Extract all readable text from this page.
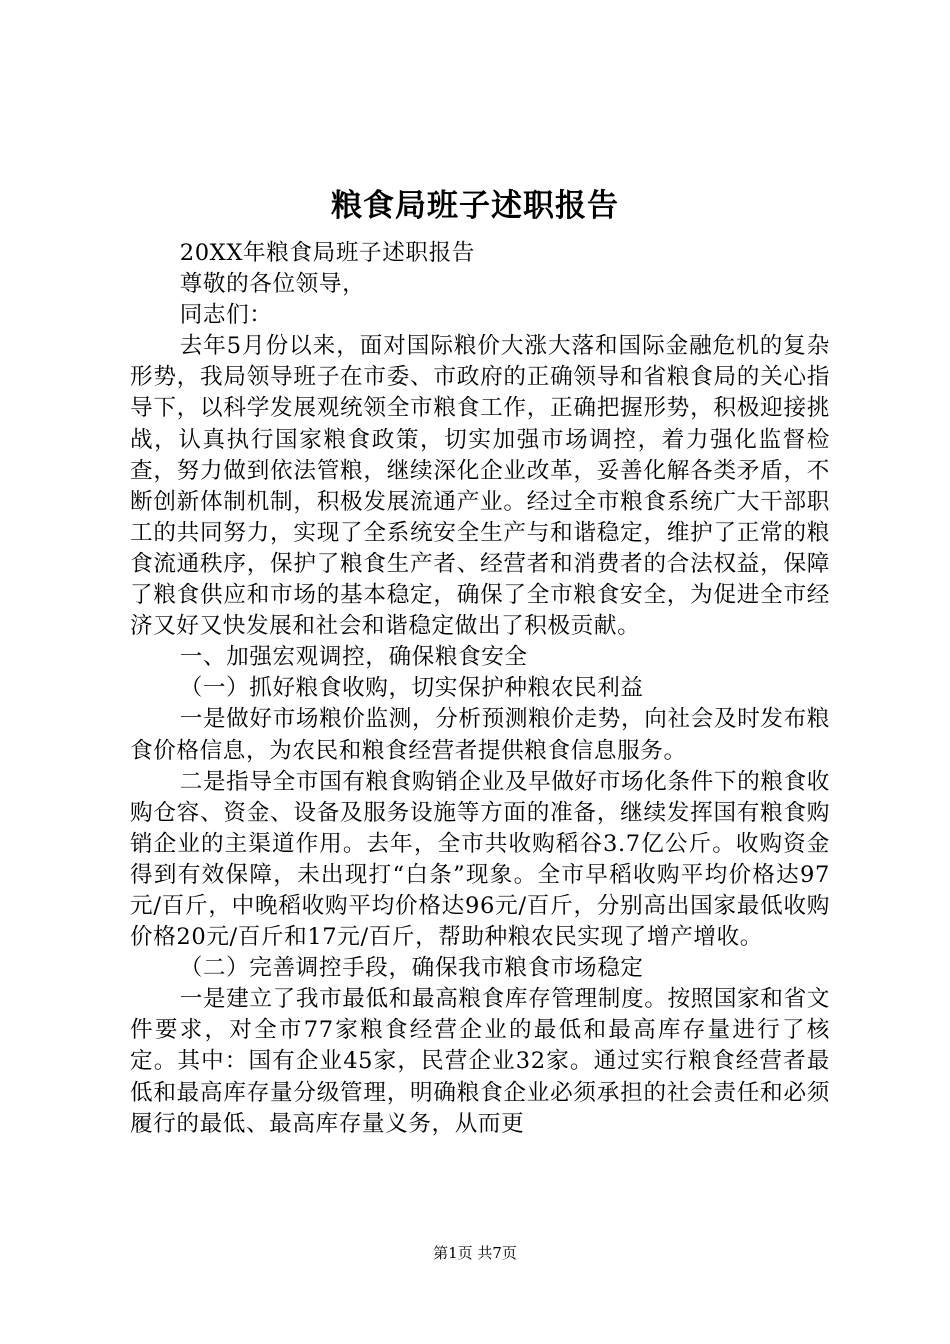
粮食局班子述职报告

20XX年粮食局班子述职报告

尊敬的各位领导，

同志们：

去年5月份以来，面对国际粮价大涨大落和国际金融危机的复杂形势，我局领导班子在市委、市政府的正确领导和省粮食局的关心指导下，以科学发展观统领全市粮食工作，正确把握形势，积极迎接挑战，认真执行国家粮食政策，切实加强市场调控，着力强化监督检查，努力做到依法管粮，继续深化企业改革，妥善化解各类矛盾，不断创新体制机制，积极发展流通产业。经过全市粮食系统广大干部职工的共同努力，实现了全系统安全生产与和谐稳定，维护了正常的粮食流通秩序，保护了粮食生产者、经营者和消费者的合法权益，保障了粮食供应和市场的基本稳定，确保了全市粮食安全，为促进全市经济又好又快发展和社会和谐稳定做出了积极贡献。

一、加强宏观调控，确保粮食安全

（一）抓好粮食收购，切实保护种粮农民利益

一是做好市场粮价监测，分析预测粮价走势，向社会及时发布粮食价格信息，为农民和粮食经营者提供粮食信息服务。

二是指导全市国有粮食购销企业及早做好市场化条件下的粮食收购仓容、资金、设备及服务设施等方面的准备，继续发挥国有粮食购销企业的主渠道作用。去年，全市共收购稻谷3.7亿公斤。收购资金得到有效保障，未出现打“白条”现象。全市早稻收购平均价格达97元/百斤，中晚稻收购平均价格达96元/百斤，分别高出国家最低收购价格20元/百斤和17元/百斤，帮助种粮农民实现了增产增收。

（二）完善调控手段，确保我市粮食市场稳定

一是建立了我市最低和最高粮食库存管理制度。按照国家和省文件要求，对全市77家粮食经营企业的最低和最高库存量进行了核定。其中：国有企业45家，民营企业32家。通过实行粮食经营者最低和最高库存量分级管理，明确粮食企业必须承担的社会责任和必须履行的最低、最高库存量义务，从而更

第1页 共7页
